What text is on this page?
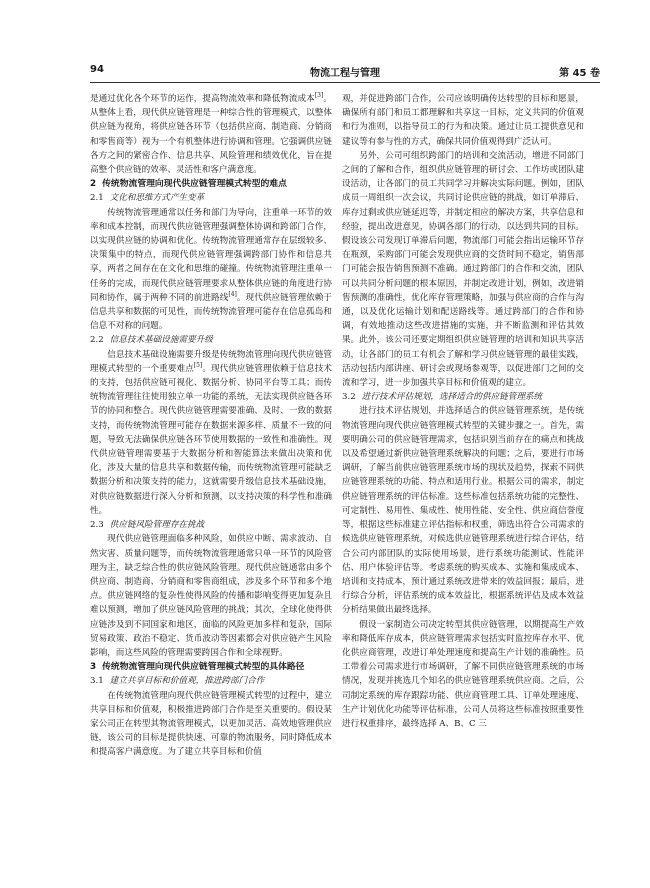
94	物流工程与管理	第 45 卷

是通过优化各个环节的运作，提高物流效率和降低物流成本[3]。从整体上看，现代供应链管理是一种综合性的管理模式，以整体供应链为视角，将供应链各环节（包括供应商、制造商、分销商和零售商等）视为一个有机整体进行协调和管理。它强调供应链各方之间的紧密合作、信息共享、风险管理和绩效优化，旨在提高整个供应链的效率、灵活性和客户满意度。

2 传统物流管理向现代供应链管理模式转型的难点
2.1 文化和思维方式产生变革

传统物流管理通常以任务和部门为导向，注重单一环节的效率和成本控制，而现代供应链管理强调整体协调和跨部门合作，以实现供应链的协调和优化。传统物流管理通常存在层级较多、决策集中的特点，而现代供应链管理强调跨部门协作和信息共享，两者之间存在在文化和思维的碰撞。传统物流管理注重单一任务的完成，而现代供应链管理要求从整体供应链的角度进行协同和协作，属于两种不同的前进路线[4]。现代供应链管理依赖于信息共享和数据的可见性，而传统物流管理可能存在信息孤岛和信息不对称的问题。

2.2 信息技术基础设施需要升级

信息技术基础设施需要升级是传统物流管理向现代供应链管理模式转型的一个重要难点[5]。现代供应链管理依赖于信息技术的支持，包括供应链可视化、数据分析、协同平台等工具；而传统物流管理往往使用独立单一功能的系统，无法实现供应链各环节的协同和整合。现代供应链管理需要准确、及时、一致的数据支持，而传统物流管理可能存在数据来源多样、质量不一致的问题，导致无法确保供应链各环节使用数据的一致性和准确性。现代供应链管理需要基于大数据分析和智能算法来做出决策和优化，涉及大量的信息共享和数据传输，而传统物流管理可能缺乏数据分析和决策支持的能力，这就需要升级信息技术基础设施，对供应链数据进行深入分析和预测，以支持决策的科学性和准确性。

2.3 供应链风险管理存在挑战

现代供应链管理面临多种风险，如供应中断、需求波动、自然灾害、质量问题等，而传统物流管理通常只单一环节的风险管理为主，缺乏综合性的供应链风险管理。现代供应链通常由多个供应商、制造商、分销商和零售商组成，涉及多个环节和多个地点。供应链网络的复杂性使得风险的传播和影响变得更加复杂且难以预测，增加了供应链风险管理的挑战；其次，全球化使得供应链涉及到不同国家和地区，面临的风险更加多样和复杂，国际贸易政策、政治不稳定、货币波动等因素都会对供应链产生风险影响，而这些风险的管理需要跨国合作和全球视野。

3 传统物流管理向现代供应链管理模式转型的具体路径
3.1 建立共享目标和价值观，推进跨部门合作

在传统物流管理向现代供应链管理模式转型的过程中，建立共享目标和价值观，积极推进跨部门合作是至关重要的。假设某家公司正在转型其物流管理模式，以更加灵活、高效地管理供应链，该公司的目标是提供快速、可靠的物流服务，同时降低成本和提高客户满意度。为了建立共享目标和价值

观，并促进跨部门合作，公司应该明确传达转型的目标和愿景，确保所有部门和员工都理解和共享这一目标，定义共同的价值观和行为准则，以指导员工的行为和决策。通过让员工提供意见和建议等有参与性的方式，确保共同价值观得到广泛认可。

另外，公司可组织跨部门的培训和交流活动，增进不同部门之间的了解和合作，组织供应链管理的研讨会、工作坊或团队建设活动，让各部门的员工共同学习并解决实际问题。例如，团队成员一周组织一次会议，共同讨论供应链的挑战，如订单滞后、库存过剩或供应链延迟等，并制定相应的解决方案，共享信息和经验，提出改进意见，协调各部门的行动，以达到共同的目标。假设该公司发现订单滞后问题，物流部门可能会指出运输环节存在瓶颈，采购部门可能会发现供应商的交货时间不稳定，销售部门可能会报告销售预测不准确。通过跨部门的合作和交流，团队可以共同分析问题的根本原因，并制定改进计划，例如，改进销售预测的准确性，优化库存管理策略，加强与供应商的合作与沟通，以及优化运输计划和配送路线等。通过跨部门的合作和协调，有效地推动这些改进措施的实施，并不断监测和评估其效果。此外，该公司还要定期组织供应链管理的培训和知识共享活动，让各部门的员工有机会了解和学习供应链管理的最佳实践，活动包括内部讲座、研讨会或现场参观等，以促进部门之间的交流和学习，进一步加强共享目标和价值观的建立。

3.2 进行技术评估规划，选择适合的供应链管理系统

进行技术评估规划，并选择适合的供应链管理系统，是传统物流管理向现代供应链管理模式转型的关键步骤之一。首先，需要明确公司的供应链管理需求，包括识别当前存在的痛点和挑战以及希望通过新供应链管理系统解决的问题；之后，要进行市场调研，了解当前供应链管理系统市场的现状及趋势，探索不同供应链管理系统的功能、特点和适用行业。根据公司的需求，制定供应链管理系统的评估标准。这些标准包括系统功能的完整性、可定制性、易用性、集成性、使用性能、安全性、供应商信誉度等，根据这些标准建立评估指标和权重，筛选出符合公司需求的候选供应链管理系统，对候选供应链管理系统进行综合评估，结合公司内部团队的实际使用场景，进行系统功能测试、性能评估、用户体验评估等。考虑系统的购买成本、实施和集成成本、培训和支持成本，预计通过系统改进带来的效益回报；最后，进行综合分析，评估系统的成本效益比，根据系统评估及成本效益分析结果做出最终选择。

假设一家制造公司决定转型其供应链管理，以期提高生产效率和降低库存成本，供应链管理需求包括实时监控库存水平、优化供应商管理，改进订单处理速度和提高生产计划的准确性。员工带着公司需求进行市场调研，了解不同供应链管理系统的市场情况，发现并挑选几个知名的供应链管理系统供应商。之后，公司制定系统的库存跟踪功能、供应商管理工具、订单处理速度、生产计划优化功能等评估标准，公司人员将这些标准按照重要性进行权重排序，最终选择 A、B、C 三
